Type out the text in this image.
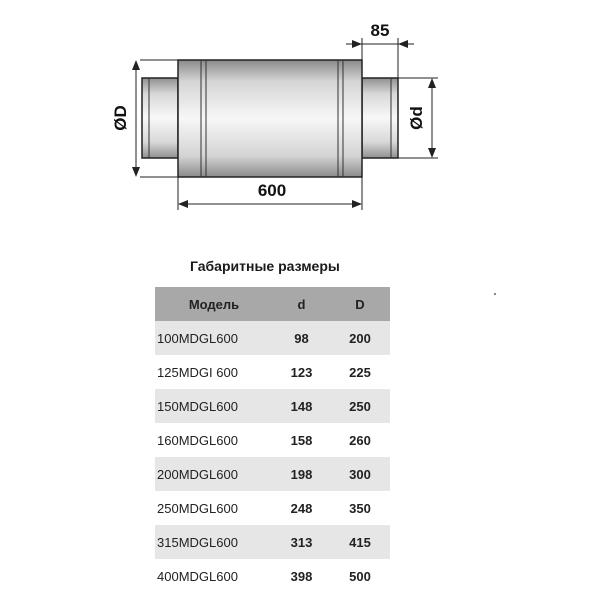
ØD	Ød
600
85
Габаритные размеры
Модель	d	D
100MDGL600	98	200
125MDGI 600	123	225
150MDGL600	148	250
160MDGL600	158	260
200MDGL600	198	300
250MDGL600	248	350
315MDGL600	313	415
400MDGL600	398	500
